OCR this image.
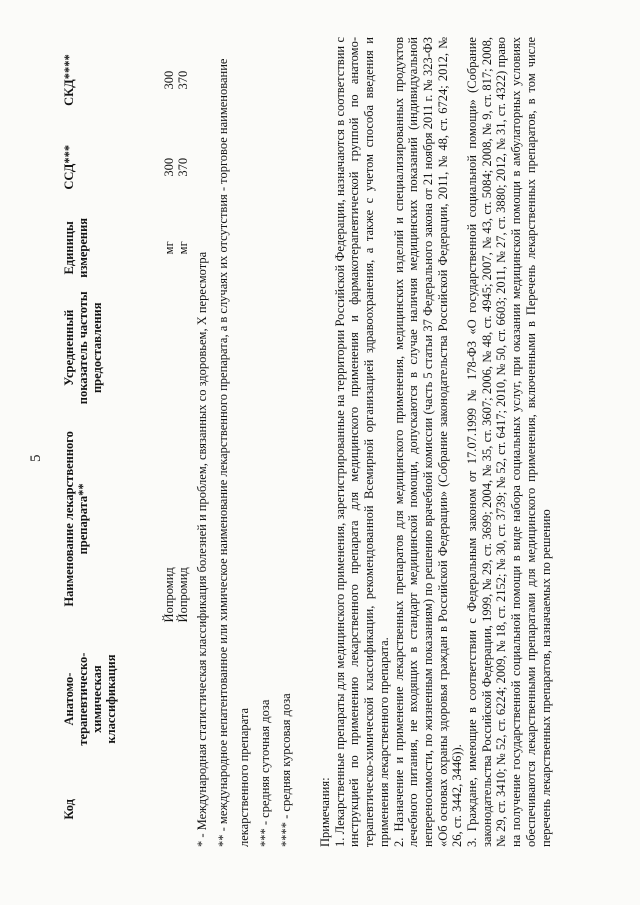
5
Код	Анатомо-терапевтическо-химическая классификация	Наименование лекарственного препарата**	Усредненный показатель частоты предоставления	Единицы измерения	ССД***	СКД****

		Йопромид		мг	300	300
		Йопромид		мг	370	370

* - Международная статистическая классификация болезней и проблем, связанных со здоровьем, X пересмотра ** - международное непатентованное или химическое наименование лекарственного препарата, а в случаях их отсутствия - торговое наименование лекарственного препарата *** - средняя суточная доза **** - средняя курсовая доза	Примечания: 1. Лекарственные препараты для медицинского применения, зарегистрированные на территории Российской Федерации, назначаются в соответствии с инструкцией по применению лекарственного препарата для медицинского применения и фармакотерапевтической группой по анатомо-терапевтическо-химической классификации, рекомендованной Всемирной организацией здравоохранения, а также с учетом способа введения и применения лекарственного препарата. 2. Назначение и применение лекарственных препаратов для медицинского применения, медицинских изделий и специализированных продуктов лечебного питания, не входящих в стандарт медицинской помощи, допускаются в случае наличия медицинских показаний (индивидуальной непереносимости, по жизненным показаниям) по решению врачебной комиссии (часть 5 статьи 37 Федерального закона от 21 ноября 2011 г. № 323-ФЗ «Об основах охраны здоровья граждан в Российской Федерации» (Собрание законодательства Российской Федерации, 2011, № 48, ст. 6724; 2012, № 26, ст. 3442, 3446)). 3. Граждане, имеющие в соответствии с Федеральным законом от 17.07.1999 № 178-ФЗ «О государственной социальной помощи» (Собрание законодательства Российской Федерации, 1999, № 29, ст. 3699; 2004, № 35, ст. 3607; 2006, № 48, ст. 4945; 2007, № 43, ст. 5084; 2008, № 9, ст. 817; 2008, № 29, ст. 3410; № 52, ст. 6224; 2009, № 18, ст. 2152; № 30, ст. 3739; № 52, ст. 6417; 2010, № 50, ст. 6603; 2011, № 27, ст. 3880; 2012, № 31, ст. 4322) право на получение государственной социальной помощи в виде набора социальных услуг, при оказании медицинской помощи в амбулаторных условиях обеспечиваются лекарственными препаратами для медицинского применения, включенными в Перечень лекарственных препаратов, в том числе перечень лекарственных препаратов, назначаемых по решению
